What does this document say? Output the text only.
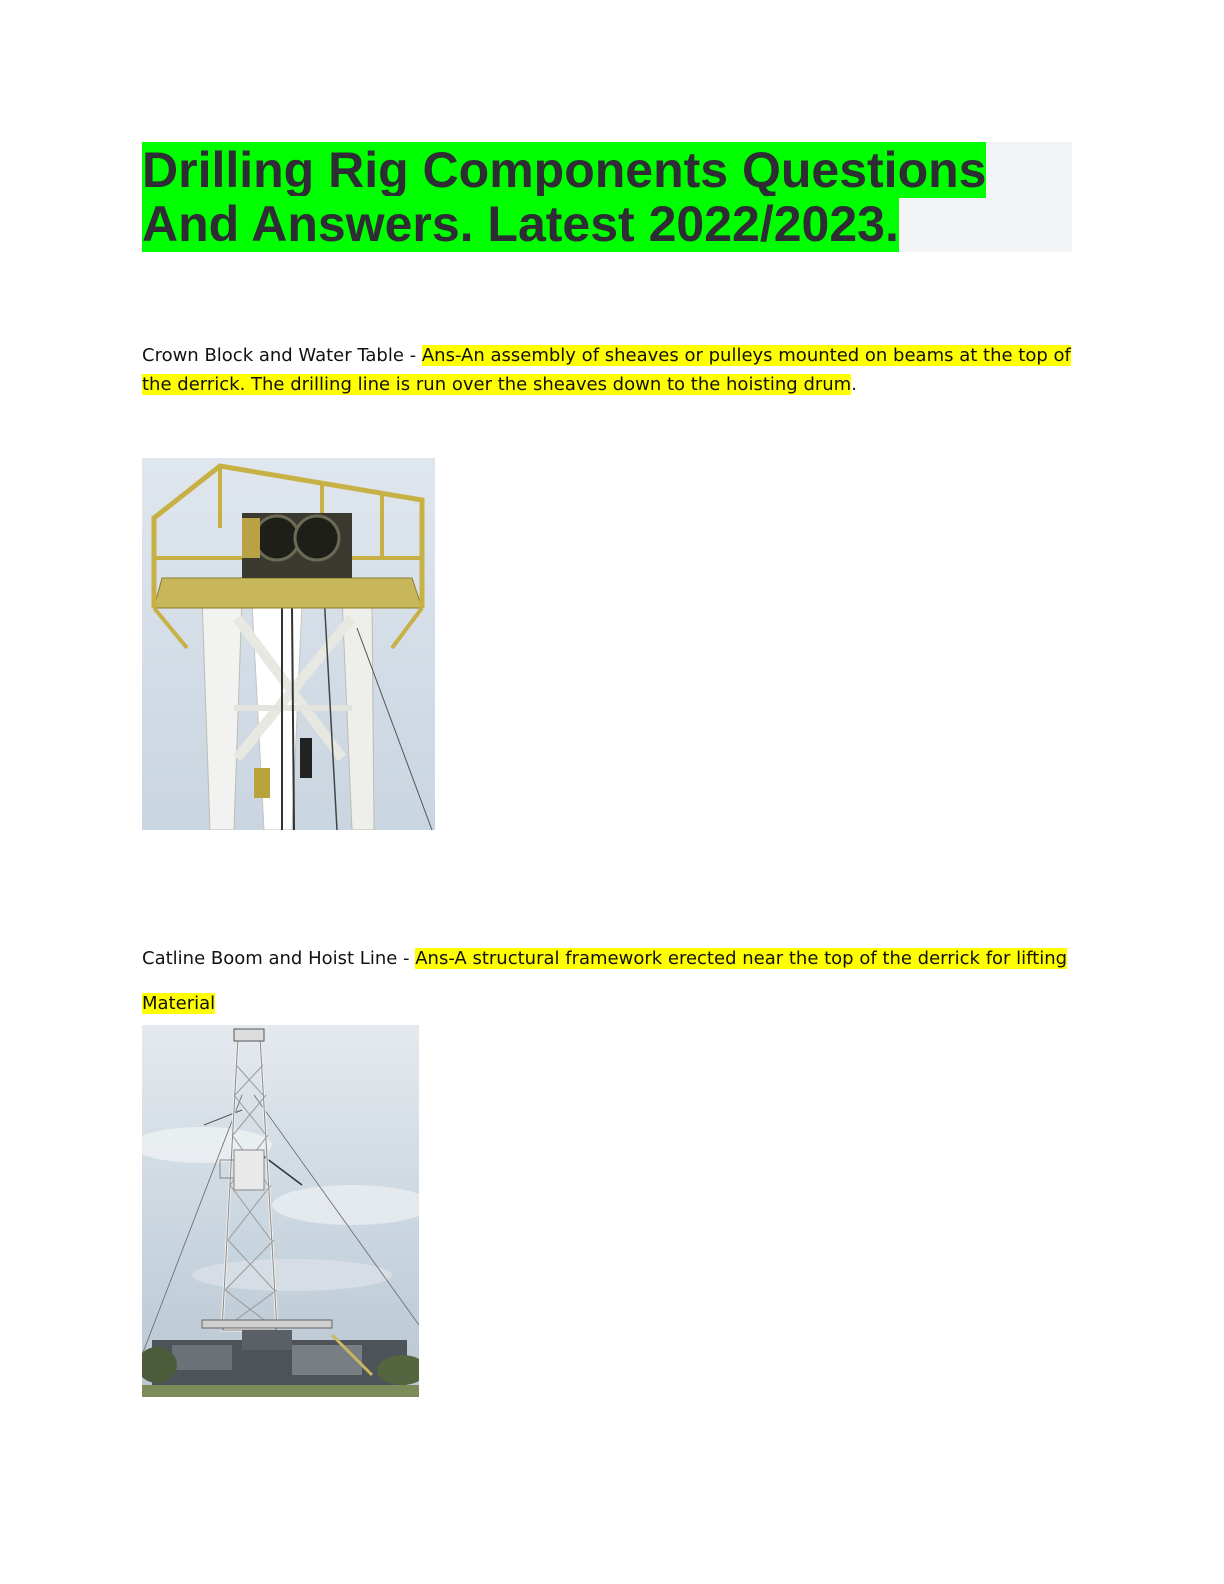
Drilling Rig Components Questions And Answers. Latest 2022/2023.

Crown Block and Water Table - Ans-An assembly of sheaves or pulleys mounted on beams at the top of the derrick. The drilling line is run over the sheaves down to the hoisting drum.

Catline Boom and Hoist Line - Ans-A structural framework erected near the top of the derrick for lifting Material
